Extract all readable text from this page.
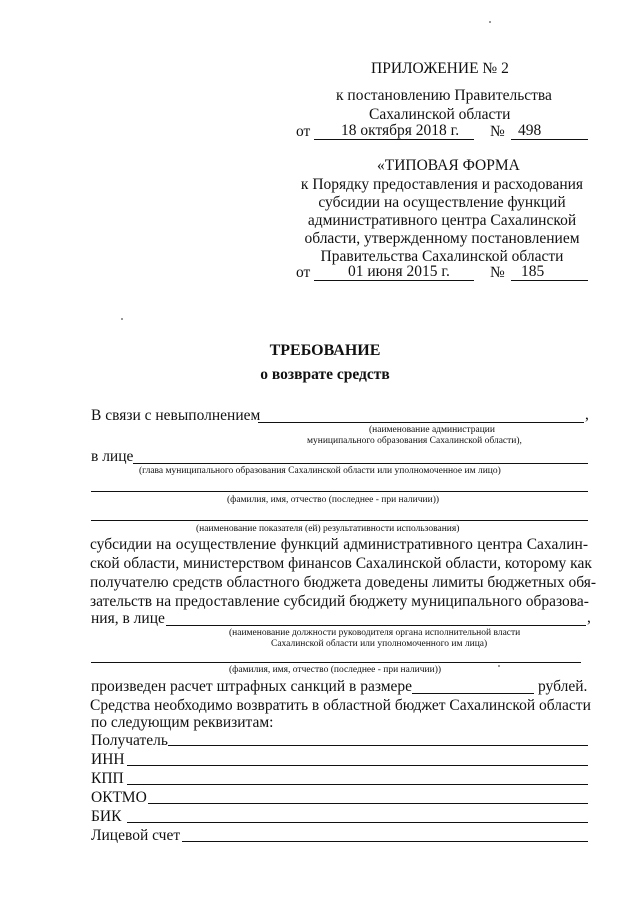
ПРИЛОЖЕНИЕ № 2
к постановлению Правительства
Сахалинской области
от 18 октября 2018 г. № 498
«ТИПОВАЯ ФОРМА
к Порядку предоставления и расходования
субсидии на осуществление функций
административного центра Сахалинской
области, утвержденному постановлением
Правительства Сахалинской области
от 01 июня 2015 г.	№ 185
ТРЕБОВАНИЕ
о возврате средств
В связи с невыполнением	,
(наименование администрации
муниципального образования Сахалинской области),
в лице
(глава муниципального образования Сахалинской области или уполномоченное им лицо)
(фамилия, имя, отчество (последнее - при наличии))
(наименование показателя (ей) результативности использования)
субсидии на осуществление функций административного центра Сахалин-
ской области, министерством финансов Сахалинской области, которому как
получателю средств областного бюджета доведены лимиты бюджетных обя-
зательств на предоставление субсидий бюджету муниципального образова-
ния, в лице	,
(наименование должности руководителя органа исполнительной власти
Сахалинской области или уполномоченного им лица)
(фамилия, имя, отчество (последнее - при наличии))
произведен расчет штрафных санкций в размере	рублей.
Средства необходимо возвратить в областной бюджет Сахалинской области
по следующим реквизитам:
Получатель
ИНН
КПП
ОКТМО
БИК
Лицевой счет
